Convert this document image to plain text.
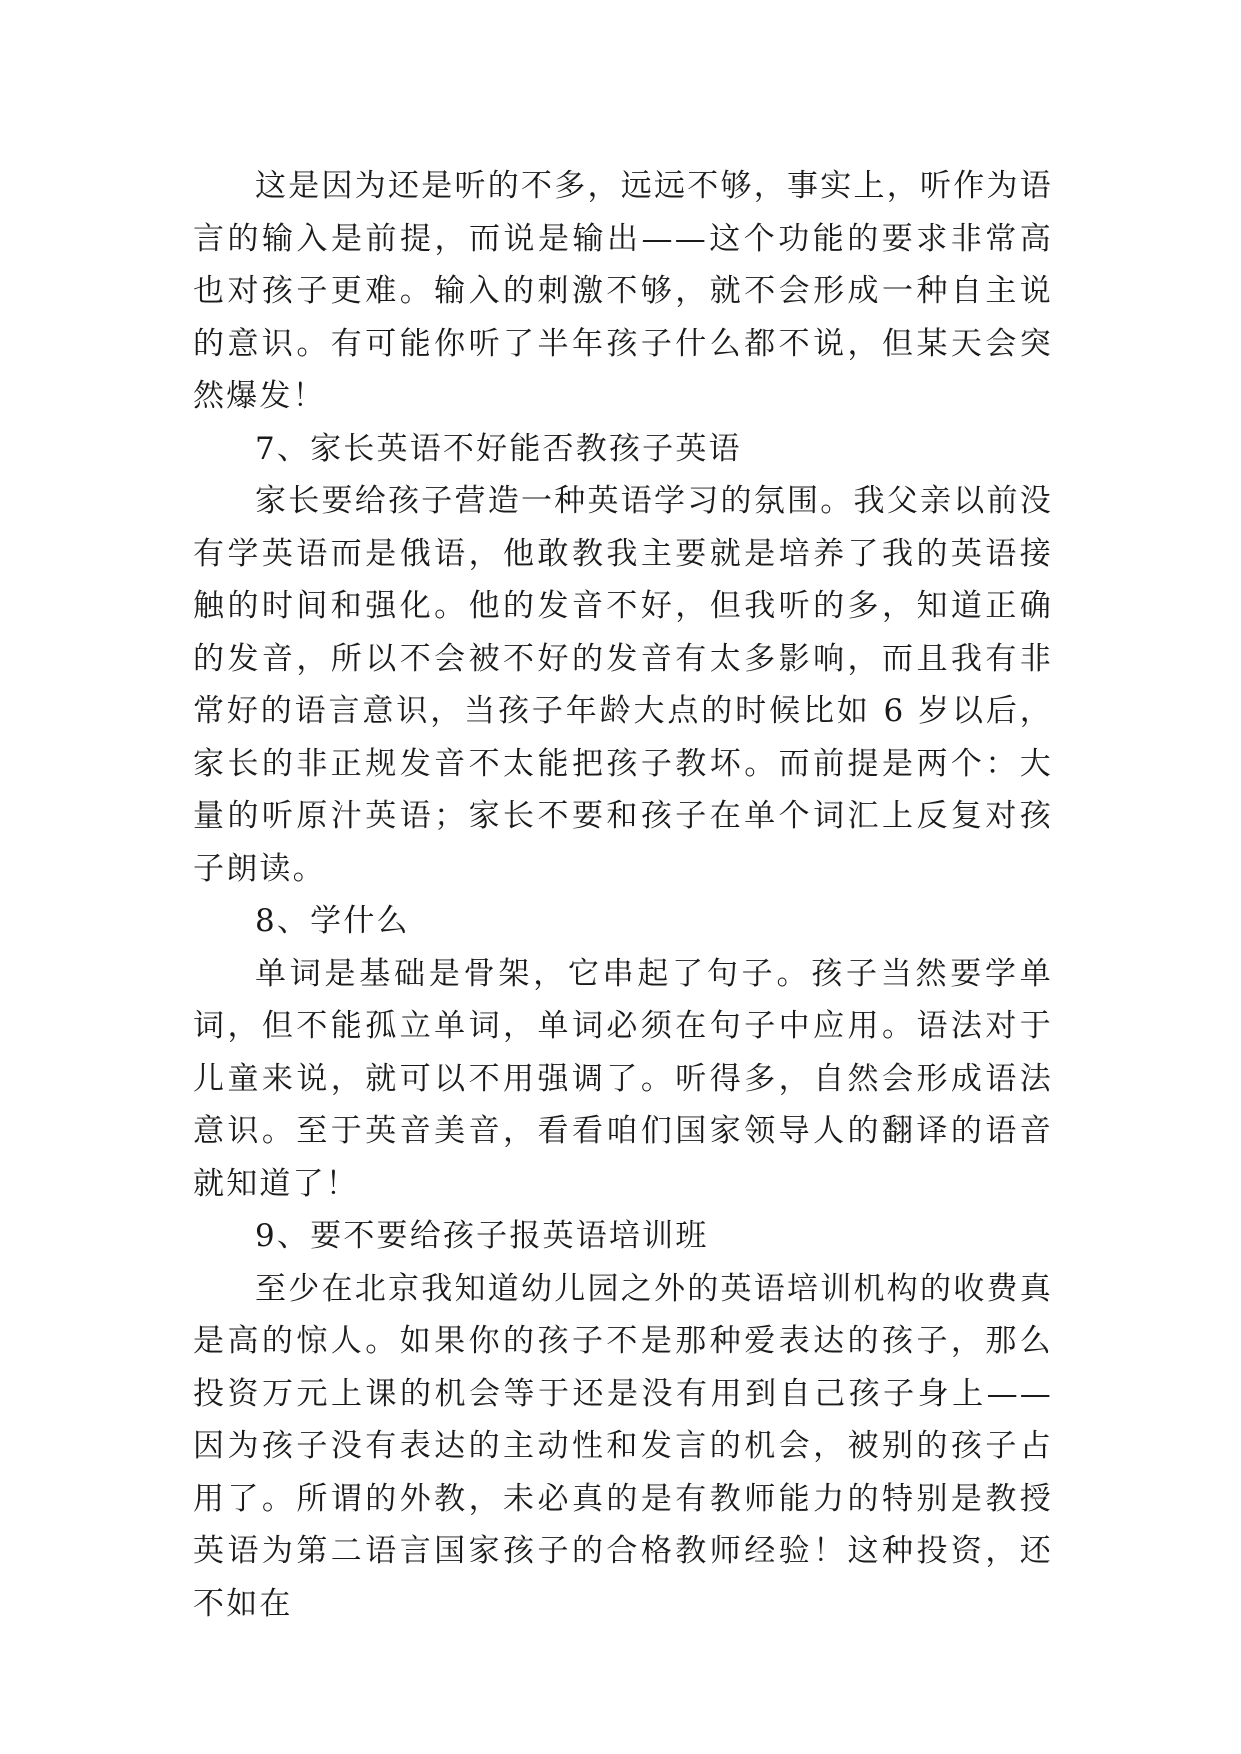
这是因为还是听的不多，远远不够，事实上，听作为语言的输入是前提，而说是输出——这个功能的要求非常高也对孩子更难。输入的刺激不够，就不会形成一种自主说的意识。有可能你听了半年孩子什么都不说，但某天会突然爆发！

7、家长英语不好能否教孩子英语

家长要给孩子营造一种英语学习的氛围。我父亲以前没有学英语而是俄语，他敢教我主要就是培养了我的英语接触的时间和强化。他的发音不好，但我听的多，知道正确的发音，所以不会被不好的发音有太多影响，而且我有非常好的语言意识，当孩子年龄大点的时候比如 6 岁以后，家长的非正规发音不太能把孩子教坏。而前提是两个：大量的听原汁英语；家长不要和孩子在单个词汇上反复对孩子朗读。

8、学什么

单词是基础是骨架，它串起了句子。孩子当然要学单词，但不能孤立单词，单词必须在句子中应用。语法对于儿童来说，就可以不用强调了。听得多，自然会形成语法意识。至于英音美音，看看咱们国家领导人的翻译的语音就知道了！

9、要不要给孩子报英语培训班

至少在北京我知道幼儿园之外的英语培训机构的收费真是高的惊人。如果你的孩子不是那种爱表达的孩子，那么投资万元上课的机会等于还是没有用到自己孩子身上——因为孩子没有表达的主动性和发言的机会，被别的孩子占用了。所谓的外教，未必真的是有教师能力的特别是教授英语为第二语言国家孩子的合格教师经验！这种投资，还不如在
